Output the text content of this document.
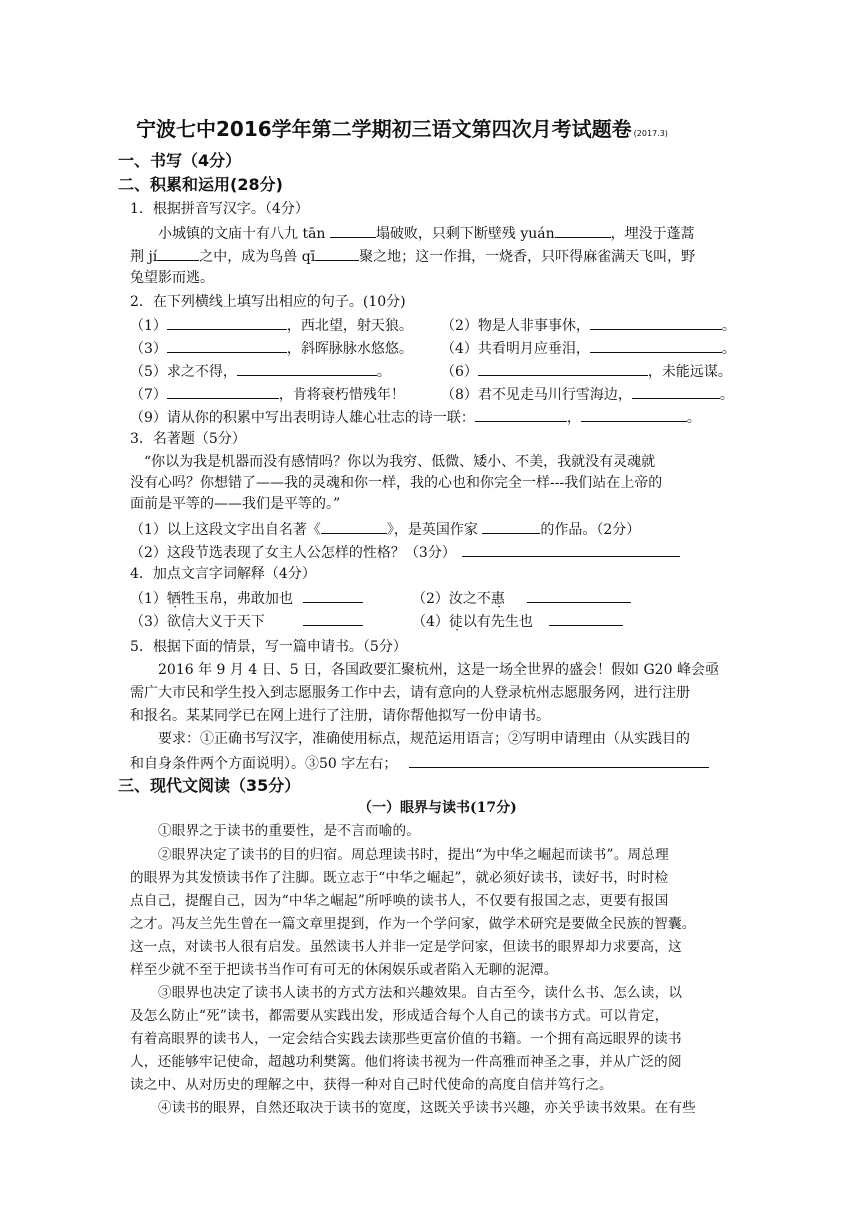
宁波七中2016学年第二学期初三语文第四次月考试题卷 (2017.3)
一、书写（4分）
二、积累和运用(28分)
1．根据拼音写汉字。（4分）
小城镇的文庙十有八九 tān	塌破败，只剩下断壁残 yuán	，埋没于蓬蒿
荆 jí	之中，成为鸟兽 qī	聚之地；这一作揖，一烧香，只吓得麻雀满天飞叫，野
兔望影而逃。
2．在下列横线上填写出相应的句子。(10分)
（1）	，西北望，射天狼。 （2）物是人非事事休，	。
（3）	，斜晖脉脉水悠悠。 （4）共看明月应垂泪，	。
（5）求之不得，	。	（6）	，未能远谋。
（7）	，肯将衰朽惜残年！	（8）君不见走马川行雪海边，	。
（9）请从你的积累中写出表明诗人雄心壮志的诗一联：	，	。
3．名著题（5分）
“你以为我是机器而没有感情吗？你以为我穷、低微、矮小、不美，我就没有灵魂就
没有心吗？你想错了——我的灵魂和你一样，我的心也和你完全一样---我们站在上帝的
面前是平等的——我们是平等的。”
（1）以上这段文字出自名著《	》，是英国作家	的作品。（2分）
（2）这段节选表现了女主人公怎样的性格？（3分）
4．加点文言字词解释（4分）
（1）牺牲玉帛，弗敢加也	（2）汝之不惠
（3）欲信大义于天下	（4）徒以有先生也
5．根据下面的情景，写一篇申请书。（5分）
2016 年 9 月 4 日、5 日，各国政要汇聚杭州，这是一场全世界的盛会！假如 G20 峰会亟
需广大市民和学生投入到志愿服务工作中去，请有意向的人登录杭州志愿服务网，进行注册
和报名。某某同学已在网上进行了注册，请你帮他拟写一份申请书。
要求：①正确书写汉字，准确使用标点，规范运用语言；②写明申请理由（从实践目的
和自身条件两个方面说明）。③50 字左右；
三、现代文阅读（35分）
（一）眼界与读书(17分)
①眼界之于读书的重要性，是不言而喻的。
②眼界决定了读书的目的归宿。周总理读书时，提出“为中华之崛起而读书”。周总理
的眼界为其发愤读书作了注脚。既立志于“中华之崛起”，就必须好读书，读好书，时时检
点自己，提醒自己，因为“中华之崛起”所呼唤的读书人，不仅要有报国之志，更要有报国
之才。冯友兰先生曾在一篇文章里提到，作为一个学问家，做学术研究是要做全民族的智囊。
这一点，对读书人很有启发。虽然读书人并非一定是学问家，但读书的眼界却力求要高，这
样至少就不至于把读书当作可有可无的休闲娱乐或者陷入无聊的泥潭。
③眼界也决定了读书人读书的方式方法和兴趣效果。自古至今，读什么书、怎么读，以
及怎么防止“死”读书，都需要从实践出发，形成适合每个人自己的读书方式。可以肯定，
有着高眼界的读书人，一定会结合实践去读那些更富价值的书籍。一个拥有高远眼界的读书
人，还能够牢记使命，超越功利樊篱。他们将读书视为一件高雅而神圣之事，并从广泛的阅
读之中、从对历史的理解之中，获得一种对自己时代使命的高度自信并笃行之。
④读书的眼界，自然还取决于读书的宽度，这既关乎读书兴趣，亦关乎读书效果。在有些
